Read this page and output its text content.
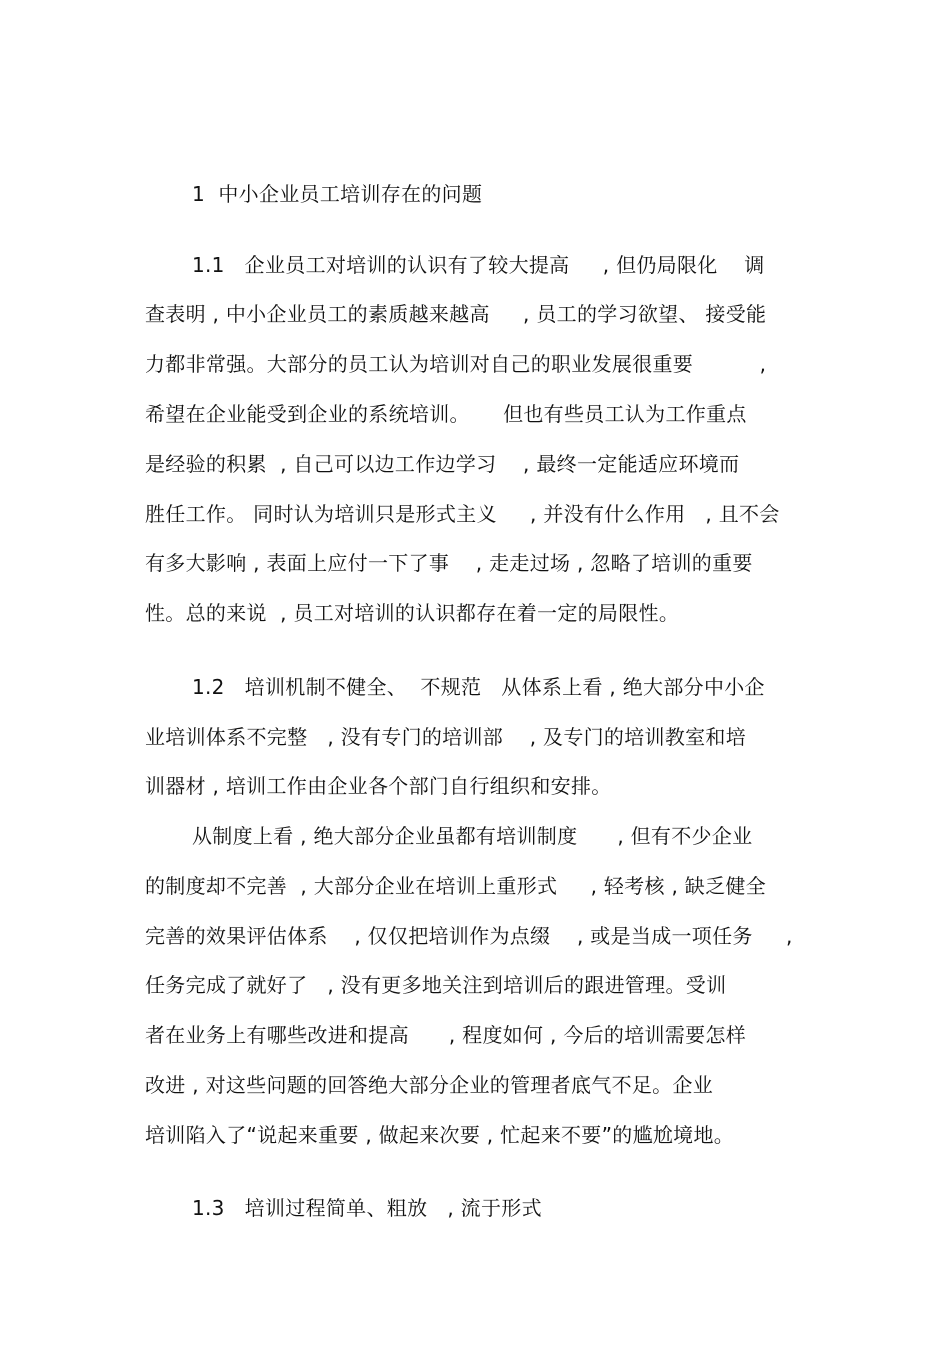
1  中小企业员工培训存在的问题
1.1   企业员工对培训的认识有了较大提高     , 但仍局限化    调
查表明 , 中小企业员工的素质越来越高     , 员工的学习欲望、 接受能
力都非常强。大部分的员工认为培训对自己的职业发展很重要          ,
希望在企业能受到企业的系统培训。     但也有些员工认为工作重点
是经验的积累  , 自己可以边工作边学习    , 最终一定能适应环境而
胜任工作。 同时认为培训只是形式主义     , 并没有什么作用   , 且不会
有多大影响 , 表面上应付一下了事    , 走走过场 , 忽略了培训的重要
性。总的来说  , 员工对培训的认识都存在着一定的局限性。
1.2   培训机制不健全、  不规范   从体系上看 , 绝大部分中小企
业培训体系不完整   , 没有专门的培训部    , 及专门的培训教室和培
训器材 , 培训工作由企业各个部门自行组织和安排。
从制度上看 , 绝大部分企业虽都有培训制度      , 但有不少企业
的制度却不完善  , 大部分企业在培训上重形式     , 轻考核 , 缺乏健全
完善的效果评估体系    , 仅仅把培训作为点缀    , 或是当成一项任务     ,
任务完成了就好了   , 没有更多地关注到培训后的跟进管理。受训
者在业务上有哪些改进和提高      , 程度如何 , 今后的培训需要怎样
改进 , 对这些问题的回答绝大部分企业的管理者底气不足。企业
培训陷入了“说起来重要 , 做起来次要 , 忙起来不要”的尴尬境地。
1.3   培训过程简单、粗放   , 流于形式
